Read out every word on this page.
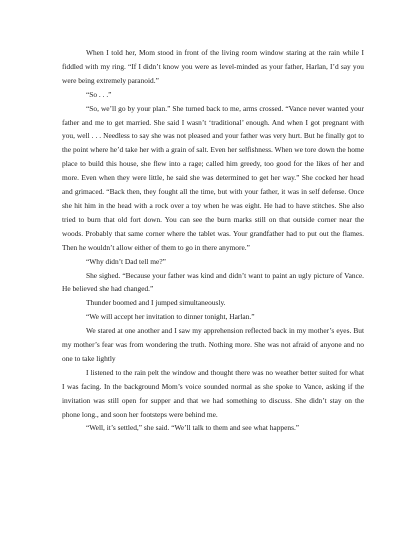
When I told her, Mom stood in front of the living room window staring at the rain while I fiddled with my ring. “If I didn’t know you were as level-minded as your father, Harlan, I’d say you were being extremely paranoid.”

“So . . .”

“So, we’ll go by your plan.” She turned back to me, arms crossed. “Vance never wanted your father and me to get married. She said I wasn’t ‘traditional’ enough. And when I got pregnant with you, well . . . Needless to say she was not pleased and your father was very hurt. But he finally got to the point where he’d take her with a grain of salt. Even her selfishness. When we tore down the home place to build this house, she flew into a rage; called him greedy, too good for the likes of her and more. Even when they were little, he said she was determined to get her way.” She cocked her head and grimaced. “Back then, they fought all the time, but with your father, it was in self defense. Once she hit him in the head with a rock over a toy when he was eight. He had to have stitches. She also tried to burn that old fort down. You can see the burn marks still on that outside corner near the woods. Probably that same corner where the tablet was. Your grandfather had to put out the flames. Then he wouldn’t allow either of them to go in there anymore.”

“Why didn’t Dad tell me?”

She sighed. “Because your father was kind and didn’t want to paint an ugly picture of Vance. He believed she had changed.”

Thunder boomed and I jumped simultaneously.

“We will accept her invitation to dinner tonight, Harlan.”

We stared at one another and I saw my apprehension reflected back in my mother’s eyes. But my mother’s fear was from wondering the truth. Nothing more. She was not afraid of anyone and no one to take lightly

I listened to the rain pelt the window and thought there was no weather better suited for what I was facing. In the background Mom’s voice sounded normal as she spoke to Vance, asking if the invitation was still open for supper and that we had something to discuss. She didn’t stay on the phone long., and soon her footsteps were behind me.

“Well, it’s settled,” she said. “We’ll talk to them and see what happens.”
